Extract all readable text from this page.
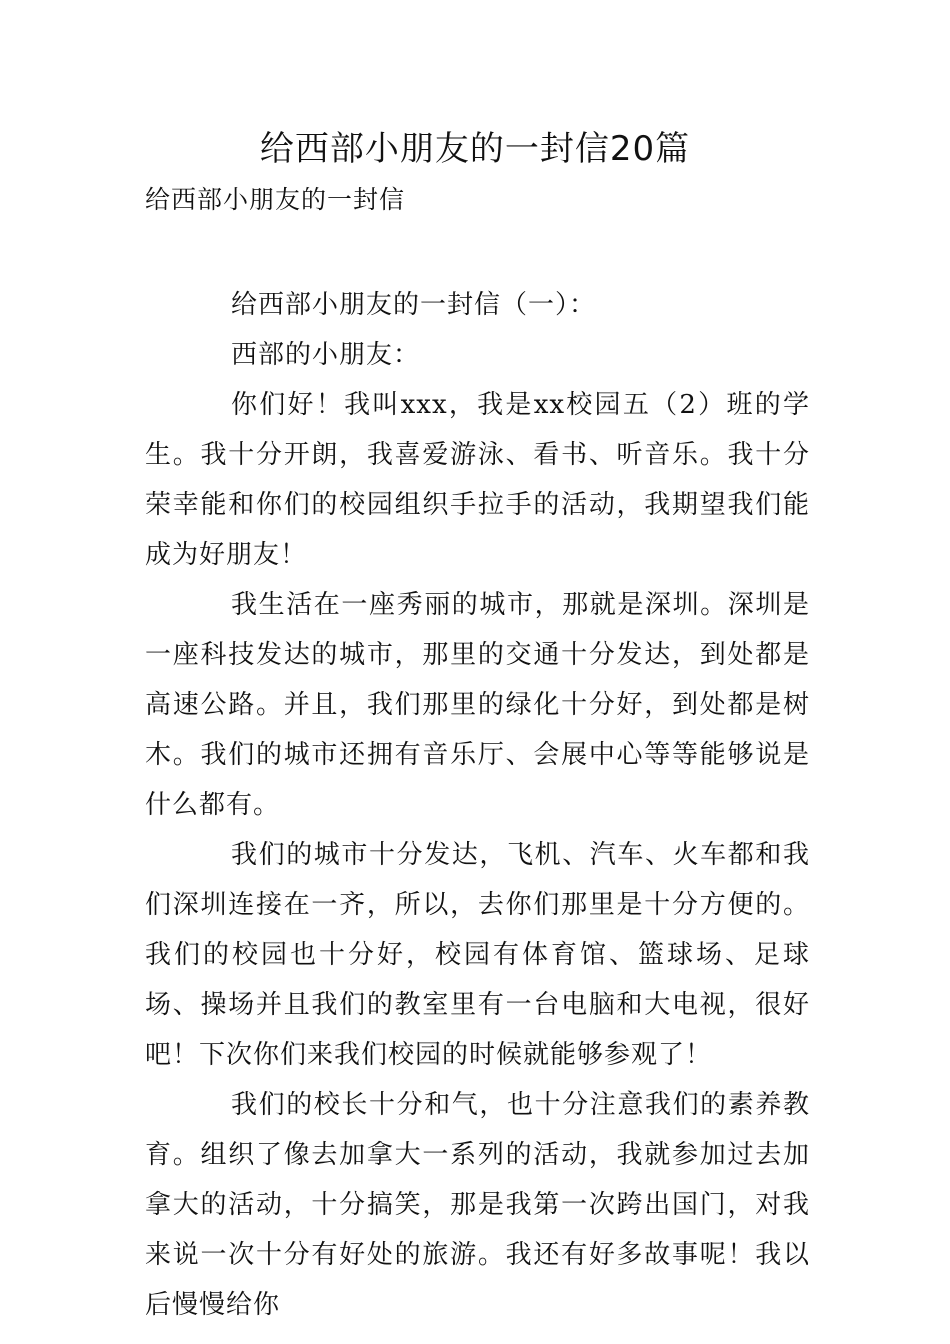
给西部小朋友的一封信20篇
给西部小朋友的一封信

给西部小朋友的一封信（一）：

西部的小朋友：

你们好！我叫xxx，我是xx校园五（2）班的学生。我十分开朗，我喜爱游泳、看书、听音乐。我十分荣幸能和你们的校园组织手拉手的活动，我期望我们能成为好朋友！

我生活在一座秀丽的城市，那就是深圳。深圳是一座科技发达的城市，那里的交通十分发达，到处都是高速公路。并且，我们那里的绿化十分好，到处都是树木。我们的城市还拥有音乐厅、会展中心等等能够说是什么都有。

我们的城市十分发达，飞机、汽车、火车都和我们深圳连接在一齐，所以，去你们那里是十分方便的。我们的校园也十分好，校园有体育馆、篮球场、足球场、操场并且我们的教室里有一台电脑和大电视，很好吧！下次你们来我们校园的时候就能够参观了！

我们的校长十分和气，也十分注意我们的素养教育。组织了像去加拿大一系列的活动，我就参加过去加拿大的活动，十分搞笑，那是我第一次跨出国门，对我来说一次十分有好处的旅游。我还有好多故事呢！我以后慢慢给你
